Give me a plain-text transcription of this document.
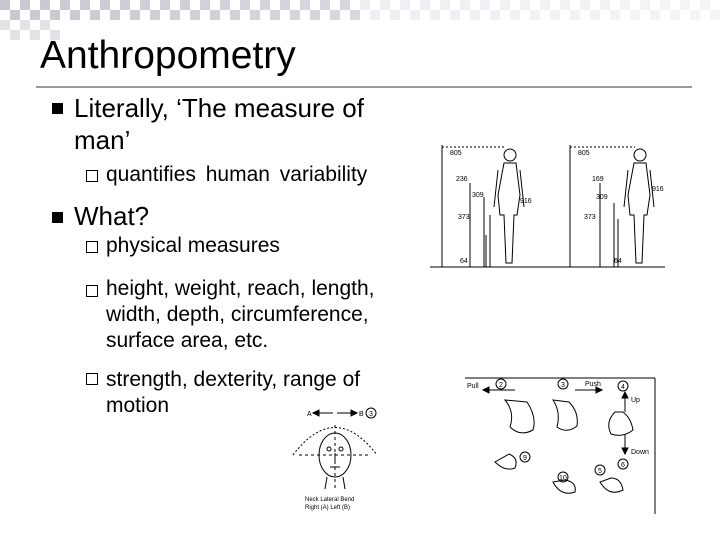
Anthropometry
Literally, ‘The measure of
man’
quantifies human variability
What?
physical measures
height, weight, reach, length,
width, depth, circumference,
surface area, etc.
strength, dexterity, range of
motion
805
236
309
373
64
916
805
169
309
373
64
916
Pull	Push
Up
Down
2	3	4
6
9
10
5
A	B 3
Neck Lateral Bend
Right (A) Left (B)
